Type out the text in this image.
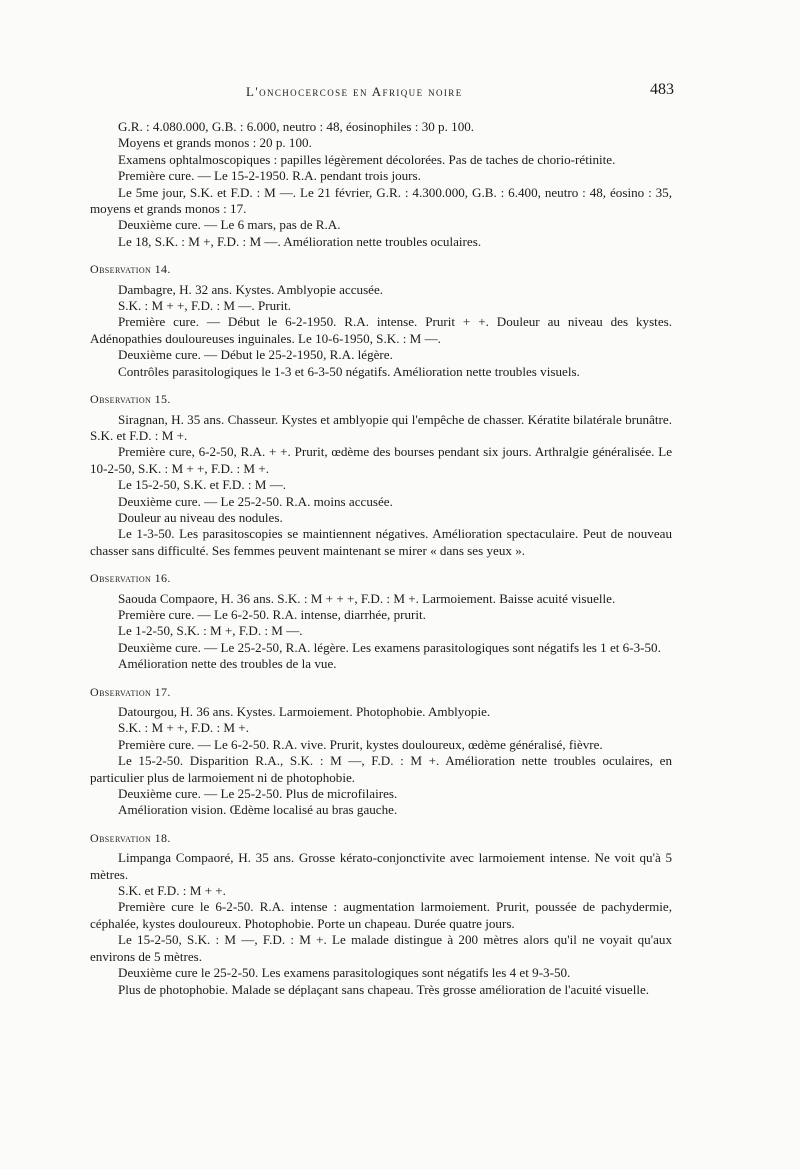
L'onchocercose en Afrique noire	483

G.R. : 4.080.000, G.B. : 6.000, neutro : 48, éosinophiles : 30 p. 100.

Moyens et grands monos : 20 p. 100.

Examens ophtalmoscopiques : papilles légèrement décolorées. Pas de taches de chorio-rétinite.

Première cure. — Le 15-2-1950. R.A. pendant trois jours.

Le 5me jour, S.K. et F.D. : M —. Le 21 février, G.R. : 4.300.000, G.B. : 6.400, neutro : 48, éosino : 35, moyens et grands monos : 17.

Deuxième cure. — Le 6 mars, pas de R.A.

Le 18, S.K. : M +, F.D. : M —. Amélioration nette troubles oculaires.

Observation 14.

Dambagre, H. 32 ans. Kystes. Amblyopie accusée.

S.K. : M + +, F.D. : M —. Prurit.

Première cure. — Début le 6-2-1950. R.A. intense. Prurit + +. Douleur au niveau des kystes. Adénopathies douloureuses inguinales. Le 10-6-1950, S.K. : M —.

Deuxième cure. — Début le 25-2-1950, R.A. légère.

Contrôles parasitologiques le 1-3 et 6-3-50 négatifs. Amélioration nette troubles visuels.

Observation 15.

Siragnan, H. 35 ans. Chasseur. Kystes et amblyopie qui l'empêche de chasser. Kératite bilatérale brunâtre. S.K. et F.D. : M +.

Première cure, 6-2-50, R.A. + +. Prurit, œdème des bourses pendant six jours. Arthralgie généralisée. Le 10-2-50, S.K. : M + +, F.D. : M +.

Le 15-2-50, S.K. et F.D. : M —.

Deuxième cure. — Le 25-2-50. R.A. moins accusée.

Douleur au niveau des nodules.

Le 1-3-50. Les parasitoscopies se maintiennent négatives. Amélioration spectaculaire. Peut de nouveau chasser sans difficulté. Ses femmes peuvent maintenant se mirer « dans ses yeux ».

Observation 16.

Saouda Compaore, H. 36 ans. S.K. : M + + +, F.D. : M +. Larmoiement. Baisse acuité visuelle.

Première cure. — Le 6-2-50. R.A. intense, diarrhée, prurit.

Le 1-2-50, S.K. : M +, F.D. : M —.

Deuxième cure. — Le 25-2-50, R.A. légère. Les examens parasitologiques sont négatifs les 1 et 6-3-50.

Amélioration nette des troubles de la vue.

Observation 17.

Datourgou, H. 36 ans. Kystes. Larmoiement. Photophobie. Amblyopie.

S.K. : M + +, F.D. : M +.

Première cure. — Le 6-2-50. R.A. vive. Prurit, kystes douloureux, œdème généralisé, fièvre.

Le 15-2-50. Disparition R.A., S.K. : M —, F.D. : M +. Amélioration nette troubles oculaires, en particulier plus de larmoiement ni de photophobie.

Deuxième cure. — Le 25-2-50. Plus de microfilaires.

Amélioration vision. Œdème localisé au bras gauche.

Observation 18.

Limpanga Compaoré, H. 35 ans. Grosse kérato-conjonctivite avec larmoiement intense. Ne voit qu'à 5 mètres.

S.K. et F.D. : M + +.

Première cure le 6-2-50. R.A. intense : augmentation larmoiement. Prurit, poussée de pachydermie, céphalée, kystes douloureux. Photophobie. Porte un chapeau. Durée quatre jours.

Le 15-2-50, S.K. : M —, F.D. : M +. Le malade distingue à 200 mètres alors qu'il ne voyait qu'aux environs de 5 mètres.

Deuxième cure le 25-2-50. Les examens parasitologiques sont négatifs les 4 et 9-3-50.

Plus de photophobie. Malade se déplaçant sans chapeau. Très grosse amélioration de l'acuité visuelle.
